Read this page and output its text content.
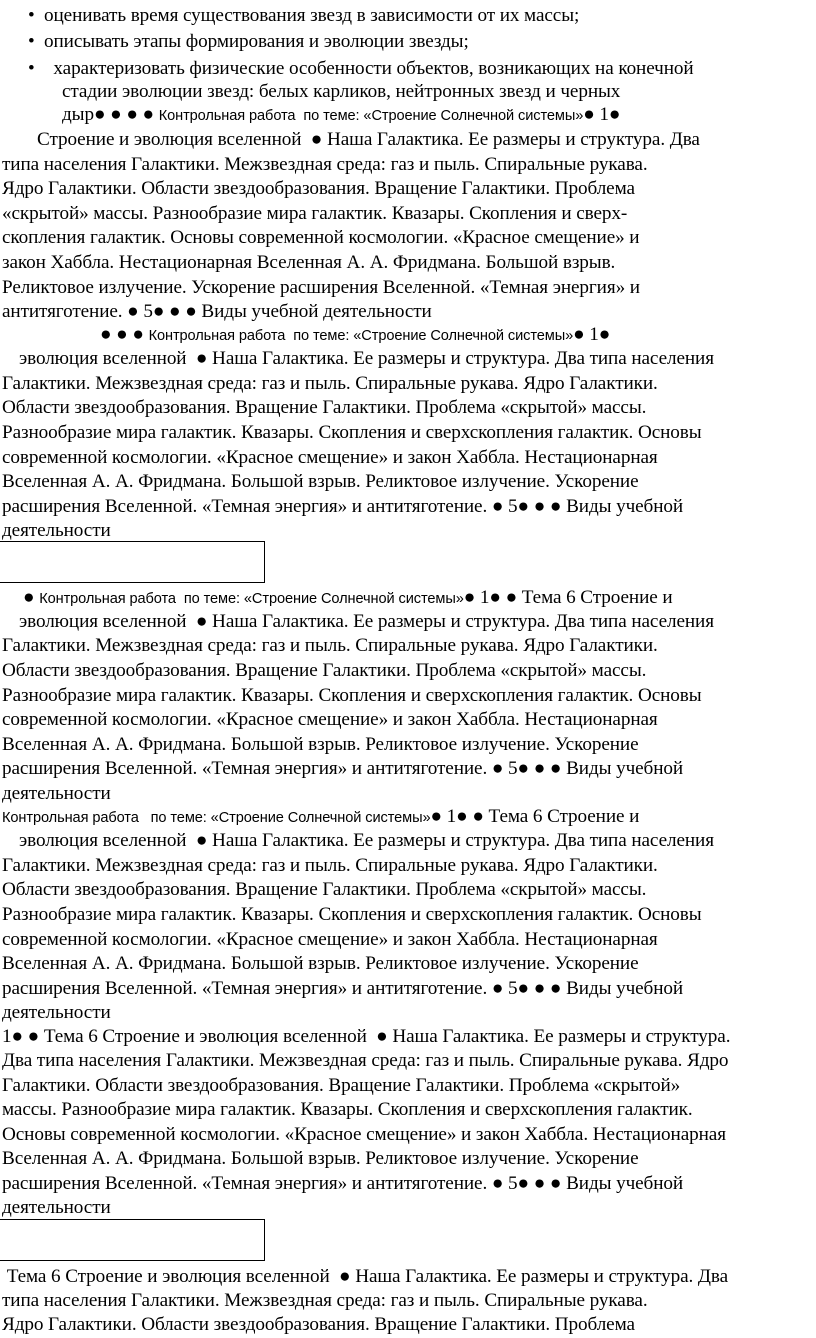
•  оценивать время существования звезд в зависимости от их массы;
•  описывать этапы формирования и эволюции звезды;
•    характеризовать физические особенности объектов, возникающих на конечной
стадии эволюции звезд: белых карликов, нейтронных звезд и черных
дыр● ● ● ● Контрольная работа  по теме: «Строение Солнечной системы»● 1●
Строение и эволюция вселенной  ● Наша Галактика. Ее размеры и структура. Два
типа населения Галактики. Межзвездная среда: газ и пыль. Спиральные рукава.
Ядро Галактики. Области звездообразования. Вращение Галактики. Проблема
«скрытой» массы. Разнообразие мира галактик. Квазары. Скопления и сверх-
скопления галактик. Основы современной космологии. «Красное смещение» и
закон Хаббла. Нестационарная Вселенная А. А. Фридмана. Большой взрыв.
Реликтовое излучение. Ускорение расширения Вселенной. «Темная энергия» и
антитяготение. ● 5● ● ● Виды учебной деятельности
● ● ● Контрольная работа  по теме: «Строение Солнечной системы»● 1●
эволюция вселенной  ● Наша Галактика. Ее размеры и структура. Два типа населения
Галактики. Межзвездная среда: газ и пыль. Спиральные рукава. Ядро Галактики.
Области звездообразования. Вращение Галактики. Проблема «скрытой» массы.
Разнообразие мира галактик. Квазары. Скопления и сверхскопления галактик. Основы
современной космологии. «Красное смещение» и закон Хаббла. Нестационарная
Вселенная А. А. Фридмана. Большой взрыв. Реликтовое излучение. Ускорение
расширения Вселенной. «Темная энергия» и антитяготение. ● 5● ● ● Виды учебной
деятельности
● Контрольная работа  по теме: «Строение Солнечной системы»● 1● ● Тема 6 Строение и
эволюция вселенной  ● Наша Галактика. Ее размеры и структура. Два типа населения
Галактики. Межзвездная среда: газ и пыль. Спиральные рукава. Ядро Галактики.
Области звездообразования. Вращение Галактики. Проблема «скрытой» массы.
Разнообразие мира галактик. Квазары. Скопления и сверхскопления галактик. Основы
современной космологии. «Красное смещение» и закон Хаббла. Нестационарная
Вселенная А. А. Фридмана. Большой взрыв. Реликтовое излучение. Ускорение
расширения Вселенной. «Темная энергия» и антитяготение. ● 5● ● ● Виды учебной
деятельности
Контрольная работа   по теме: «Строение Солнечной системы»● 1● ● Тема 6 Строение и
эволюция вселенной  ● Наша Галактика. Ее размеры и структура. Два типа населения
Галактики. Межзвездная среда: газ и пыль. Спиральные рукава. Ядро Галактики.
Области звездообразования. Вращение Галактики. Проблема «скрытой» массы.
Разнообразие мира галактик. Квазары. Скопления и сверхскопления галактик. Основы
современной космологии. «Красное смещение» и закон Хаббла. Нестационарная
Вселенная А. А. Фридмана. Большой взрыв. Реликтовое излучение. Ускорение
расширения Вселенной. «Темная энергия» и антитяготение. ● 5● ● ● Виды учебной
деятельности
1● ● Тема 6 Строение и эволюция вселенной  ● Наша Галактика. Ее размеры и структура.
Два типа населения Галактики. Межзвездная среда: газ и пыль. Спиральные рукава. Ядро
Галактики. Области звездообразования. Вращение Галактики. Проблема «скрытой»
массы. Разнообразие мира галактик. Квазары. Скопления и сверхскопления галактик.
Основы современной космологии. «Красное смещение» и закон Хаббла. Нестационарная
Вселенная А. А. Фридмана. Большой взрыв. Реликтовое излучение. Ускорение
расширения Вселенной. «Темная энергия» и антитяготение. ● 5● ● ● Виды учебной
деятельности
Тема 6 Строение и эволюция вселенной  ● Наша Галактика. Ее размеры и структура. Два
типа населения Галактики. Межзвездная среда: газ и пыль. Спиральные рукава.
Ядро Галактики. Области звездообразования. Вращение Галактики. Проблема
